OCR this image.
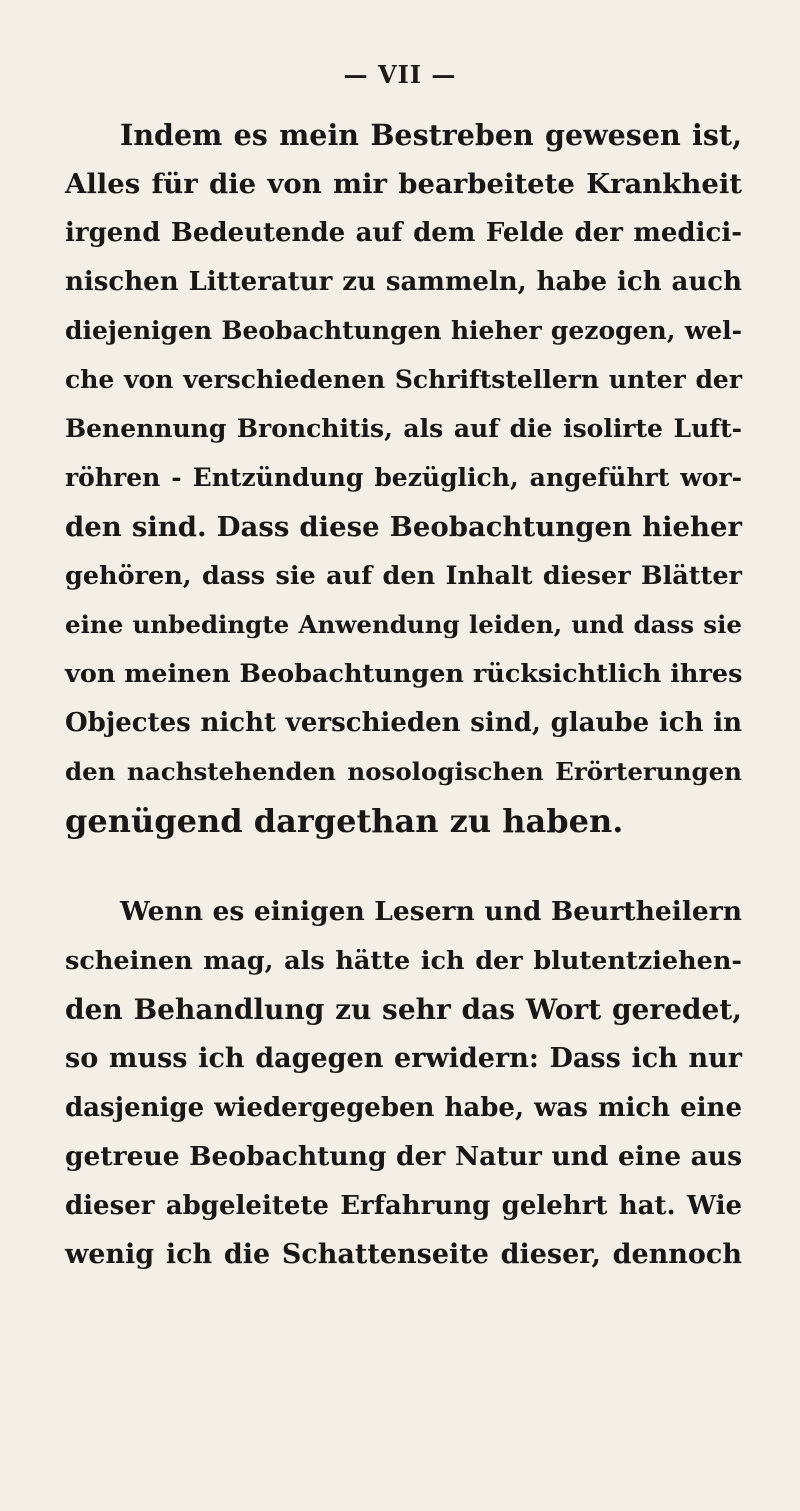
— VII —
Indem es mein Bestreben gewesen ist,
Alles für die von mir bearbeitete Krankheit
irgend Bedeutende auf dem Felde der medici-
nischen Litteratur zu sammeln, habe ich auch
diejenigen Beobachtungen hieher gezogen, wel-
che von verschiedenen Schriftstellern unter der
Benennung Bronchitis, als auf die isolirte Luft-
röhren - Entzündung bezüglich, angeführt wor-
den sind. Dass diese Beobachtungen hieher
gehören, dass sie auf den Inhalt dieser Blätter
eine unbedingte Anwendung leiden, und dass sie
von meinen Beobachtungen rücksichtlich ihres
Objectes nicht verschieden sind, glaube ich in
den nachstehenden nosologischen Erörterungen
genügend dargethan zu haben.
Wenn es einigen Lesern und Beurtheilern
scheinen mag, als hätte ich der blutentziehen-
den Behandlung zu sehr das Wort geredet,
so muss ich dagegen erwidern: Dass ich nur
dasjenige wiedergegeben habe, was mich eine
getreue Beobachtung der Natur und eine aus
dieser abgeleitete Erfahrung gelehrt hat. Wie
wenig ich die Schattenseite dieser, dennoch
